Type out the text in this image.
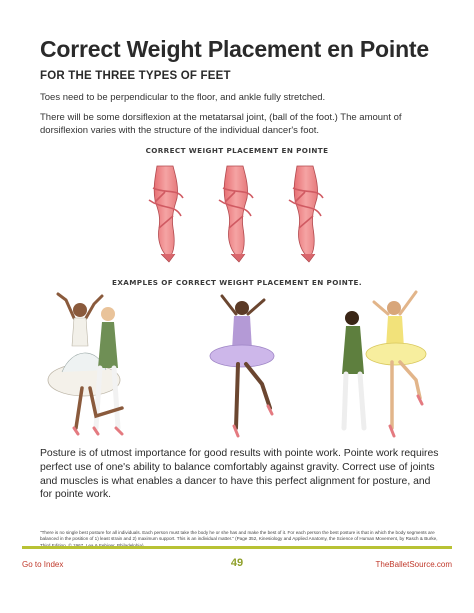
Correct Weight Placement en Pointe
FOR THE THREE TYPES OF FEET

Toes need to be perpendicular to the floor, and ankle fully stretched.

There will be some dorsiflexion at the metatarsal joint, (ball of the foot.) The amount of dorsiflexion varies with the structure of the individual dancer's foot.

CORRECT WEIGHT PLACEMENT EN POINTE
EXAMPLES OF CORRECT WEIGHT PLACEMENT EN POINTE.

Posture is of utmost importance for good results with pointe work. Pointe work requires perfect use of one's ability to balance comfortably against gravity. Correct use of joints and muscles is what enables a dancer to have this perfect alignment for posture, and for pointe work.

"There is no single best posture for all individuals. Each person must take the body he or she has and make the best of it. For each person the best posture is that in which the body segments are balanced in the position of 1) least strain and 2) maximum support. This is an individual matter." (Page 352, Kinesiology and Applied Anatomy, the Science of Human Movement, by Rasch & Burke,

Go to Index	49	TheBalletSource.com
